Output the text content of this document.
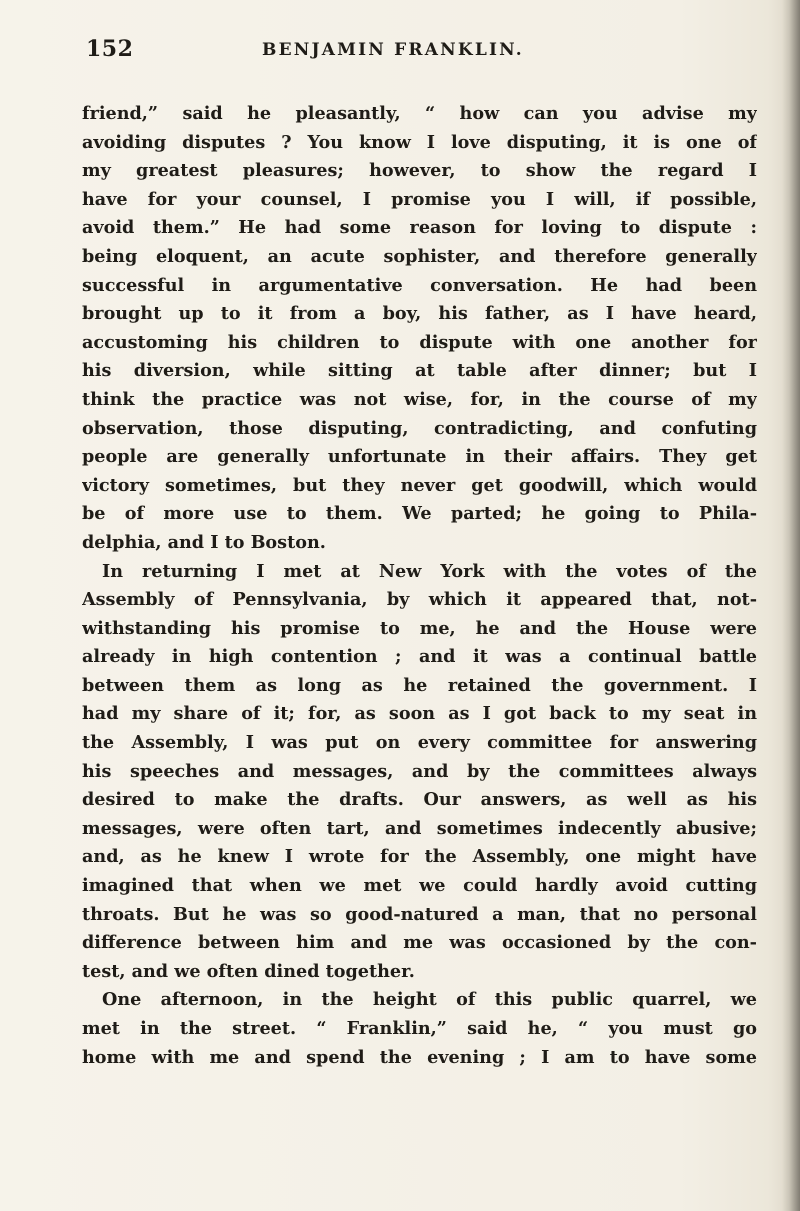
152	BENJAMIN FRANKLIN.
friend,” said he pleasantly, “ how can you advise my
avoiding disputes ? You know I love disputing, it is one of
my greatest pleasures; however, to show the regard I
have for your counsel, I promise you I will, if possible,
avoid them.” He had some reason for loving to dispute :
being eloquent, an acute sophister, and therefore generally
successful in argumentative conversation. He had been
brought up to it from a boy, his father, as I have heard,
accustoming his children to dispute with one another for
his diversion, while sitting at table after dinner; but I
think the practice was not wise, for, in the course of my
observation, those disputing, contradicting, and confuting
people are generally unfortunate in their affairs. They get
victory sometimes, but they never get goodwill, which would
be of more use to them. We parted; he going to Phila-
delphia, and I to Boston.
In returning I met at New York with the votes of the
Assembly of Pennsylvania, by which it appeared that, not-
withstanding his promise to me, he and the House were
already in high contention ; and it was a continual battle
between them as long as he retained the government. I
had my share of it; for, as soon as I got back to my seat in
the Assembly, I was put on every committee for answering
his speeches and messages, and by the committees always
desired to make the drafts. Our answers, as well as his
messages, were often tart, and sometimes indecently abusive;
and, as he knew I wrote for the Assembly, one might have
imagined that when we met we could hardly avoid cutting
throats. But he was so good-natured a man, that no personal
difference between him and me was occasioned by the con-
test, and we often dined together.
One afternoon, in the height of this public quarrel, we
met in the street. “ Franklin,” said he, “ you must go
home with me and spend the evening ; I am to have some
